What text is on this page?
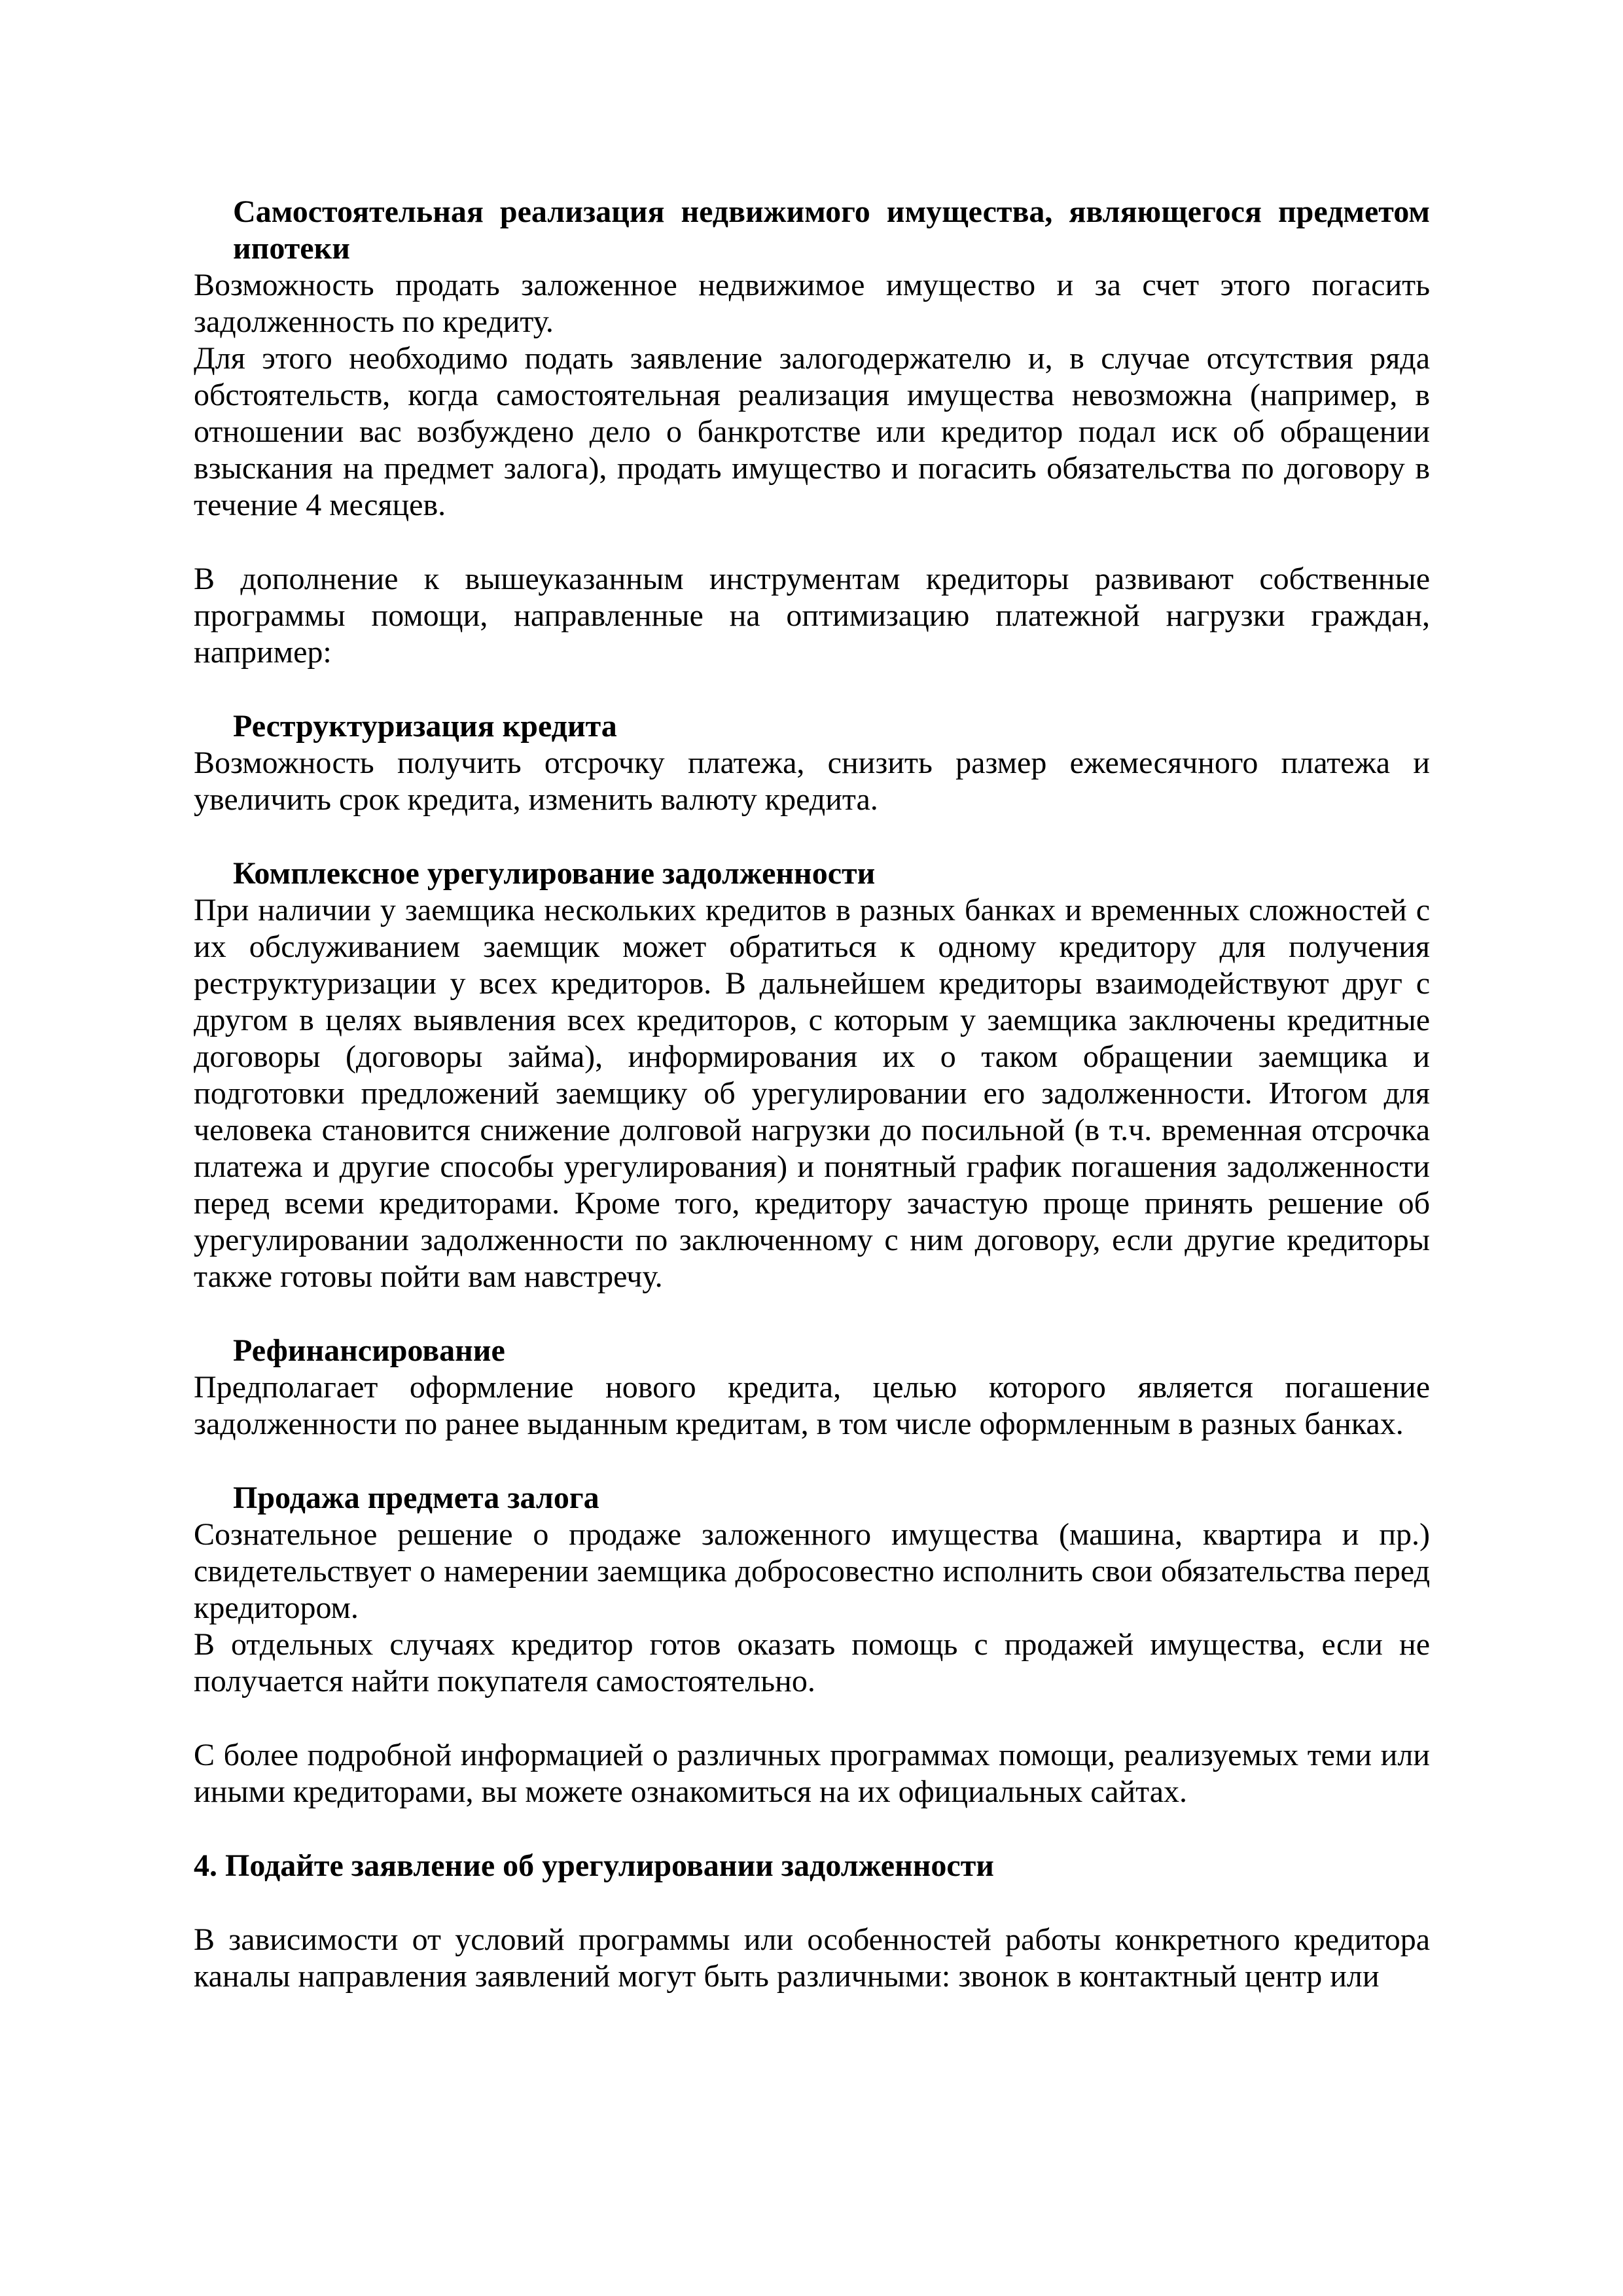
Самостоятельная реализация недвижимого имущества, являющегося предметом ипотеки
Возможность продать заложенное недвижимое имущество и за счет этого погасить задолженность по кредиту.
Для этого необходимо подать заявление залогодержателю и, в случае отсутствия ряда обстоятельств, когда самостоятельная реализация имущества невозможна (например, в отношении вас возбуждено дело о банкротстве или кредитор подал иск об обращении взыскания на предмет залога), продать имущество и погасить обязательства по договору в течение 4 месяцев.
В дополнение к вышеуказанным инструментам кредиторы развивают собственные программы помощи, направленные на оптимизацию платежной нагрузки граждан, например:
Реструктуризация кредита
Возможность получить отсрочку платежа, снизить размер ежемесячного платежа и увеличить срок кредита, изменить валюту кредита.
Комплексное урегулирование задолженности
При наличии у заемщика нескольких кредитов в разных банках и временных сложностей с их обслуживанием заемщик может обратиться к одному кредитору для получения реструктуризации у всех кредиторов. В дальнейшем кредиторы взаимодействуют друг с другом в целях выявления всех кредиторов, с которым у заемщика заключены кредитные договоры (договоры займа), информирования их о таком обращении заемщика и подготовки предложений заемщику об урегулировании его задолженности. Итогом для человека становится снижение долговой нагрузки до посильной (в т.ч. временная отсрочка платежа и другие способы урегулирования) и понятный график погашения задолженности перед всеми кредиторами. Кроме того, кредитору зачастую проще принять решение об урегулировании задолженности по заключенному с ним договору, если другие кредиторы также готовы пойти вам навстречу.
Рефинансирование
Предполагает оформление нового кредита, целью которого является погашение задолженности по ранее выданным кредитам, в том числе оформленным в разных банках.
Продажа предмета залога
Сознательное решение о продаже заложенного имущества (машина, квартира и пр.) свидетельствует о намерении заемщика добросовестно исполнить свои обязательства перед кредитором.
В отдельных случаях кредитор готов оказать помощь с продажей имущества, если не получается найти покупателя самостоятельно.
С более подробной информацией о различных программах помощи, реализуемых теми или иными кредиторами, вы можете ознакомиться на их официальных сайтах.
4. Подайте заявление об урегулировании задолженности
В зависимости от условий программы или особенностей работы конкретного кредитора каналы направления заявлений могут быть различными: звонок в контактный центр или
